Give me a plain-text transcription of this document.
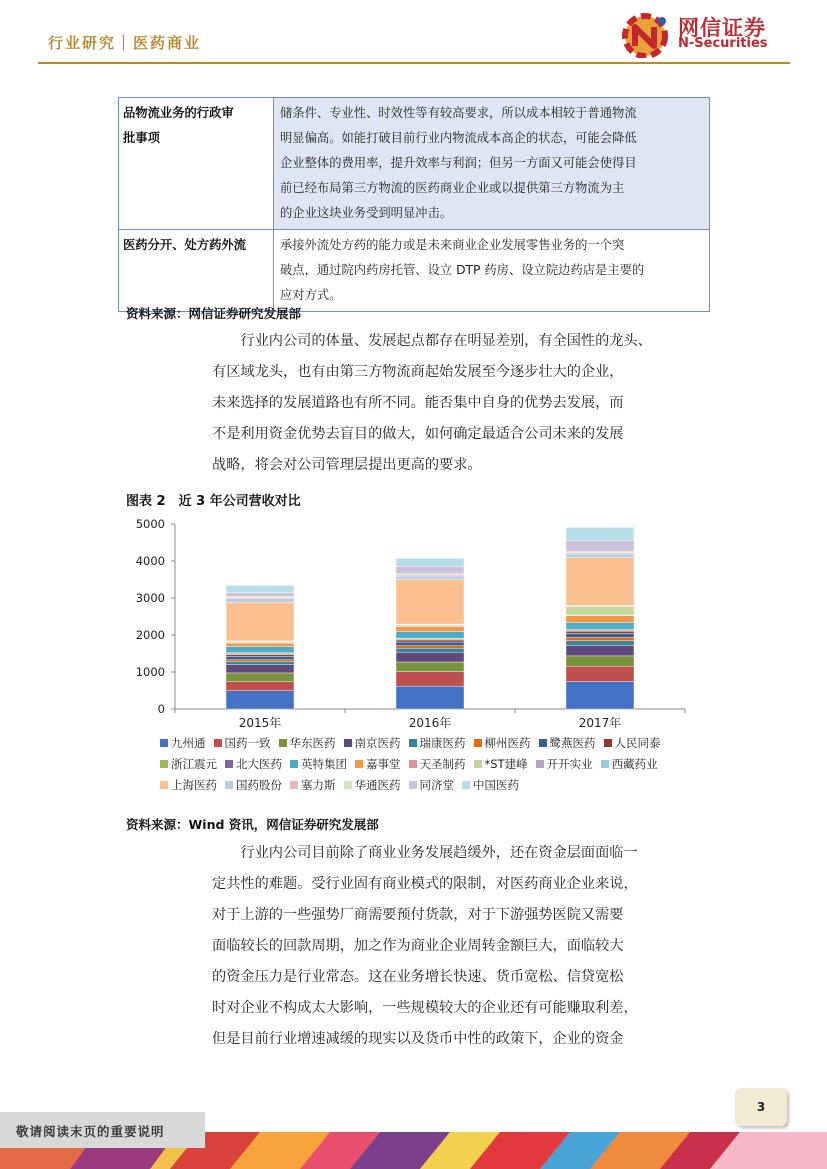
行业研究｜医药商业
网信证券
N-Securities
品物流业务的行政审
批事项	储条件、专业性、时效性等有较高要求，所以成本相较于普通物流
明显偏高。如能打破目前行业内物流成本高企的状态，可能会降低
企业整体的费用率，提升效率与利润；但另一方面又可能会使得目
前已经布局第三方物流的医药商业企业或以提供第三方物流为主
的企业这块业务受到明显冲击。

医药分开、处方药外流	承接外流处方药的能力或是未来商业企业发展零售业务的一个突
破点，通过院内药房托管、设立 DTP 药房、设立院边药店是主要的
应对方式。
资料来源：网信证券研究发展部
行业内公司的体量、发展起点都存在明显差别，有全国性的龙头、
有区域龙头，也有由第三方物流商起始发展至今逐步壮大的企业，
未来选择的发展道路也有所不同。能否集中自身的优势去发展，而
不是利用资金优势去盲目的做大，如何确定最适合公司未来的发展
战略，将会对公司管理层提出更高的要求。
图表 2　近 3 年公司营收对比
0
1000
2000
3000
4000
5000
2015年	2016年	2017年
九州通 国药一致 华东医药 南京医药 瑞康医药 柳州医药 鹭燕医药 人民同泰
浙江震元 北大医药 英特集团 嘉事堂 天圣制药 *ST建峰 开开实业 西藏药业
上海医药 国药股份 塞力斯 华通医药 同济堂 中国医药
资料来源：Wind 资讯，网信证券研究发展部
行业内公司目前除了商业业务发展趋缓外，还在资金层面面临一
定共性的难题。受行业固有商业模式的限制，对医药商业企业来说，
对于上游的一些强势厂商需要预付货款，对于下游强势医院又需要
面临较长的回款周期，加之作为商业企业周转金额巨大，面临较大
的资金压力是行业常态。这在业务增长快速、货币宽松、信贷宽松
时对企业不构成太大影响，一些规模较大的企业还有可能赚取利差，
但是目前行业增速减缓的现实以及货币中性的政策下，企业的资金
敬请阅读末页的重要说明
3
